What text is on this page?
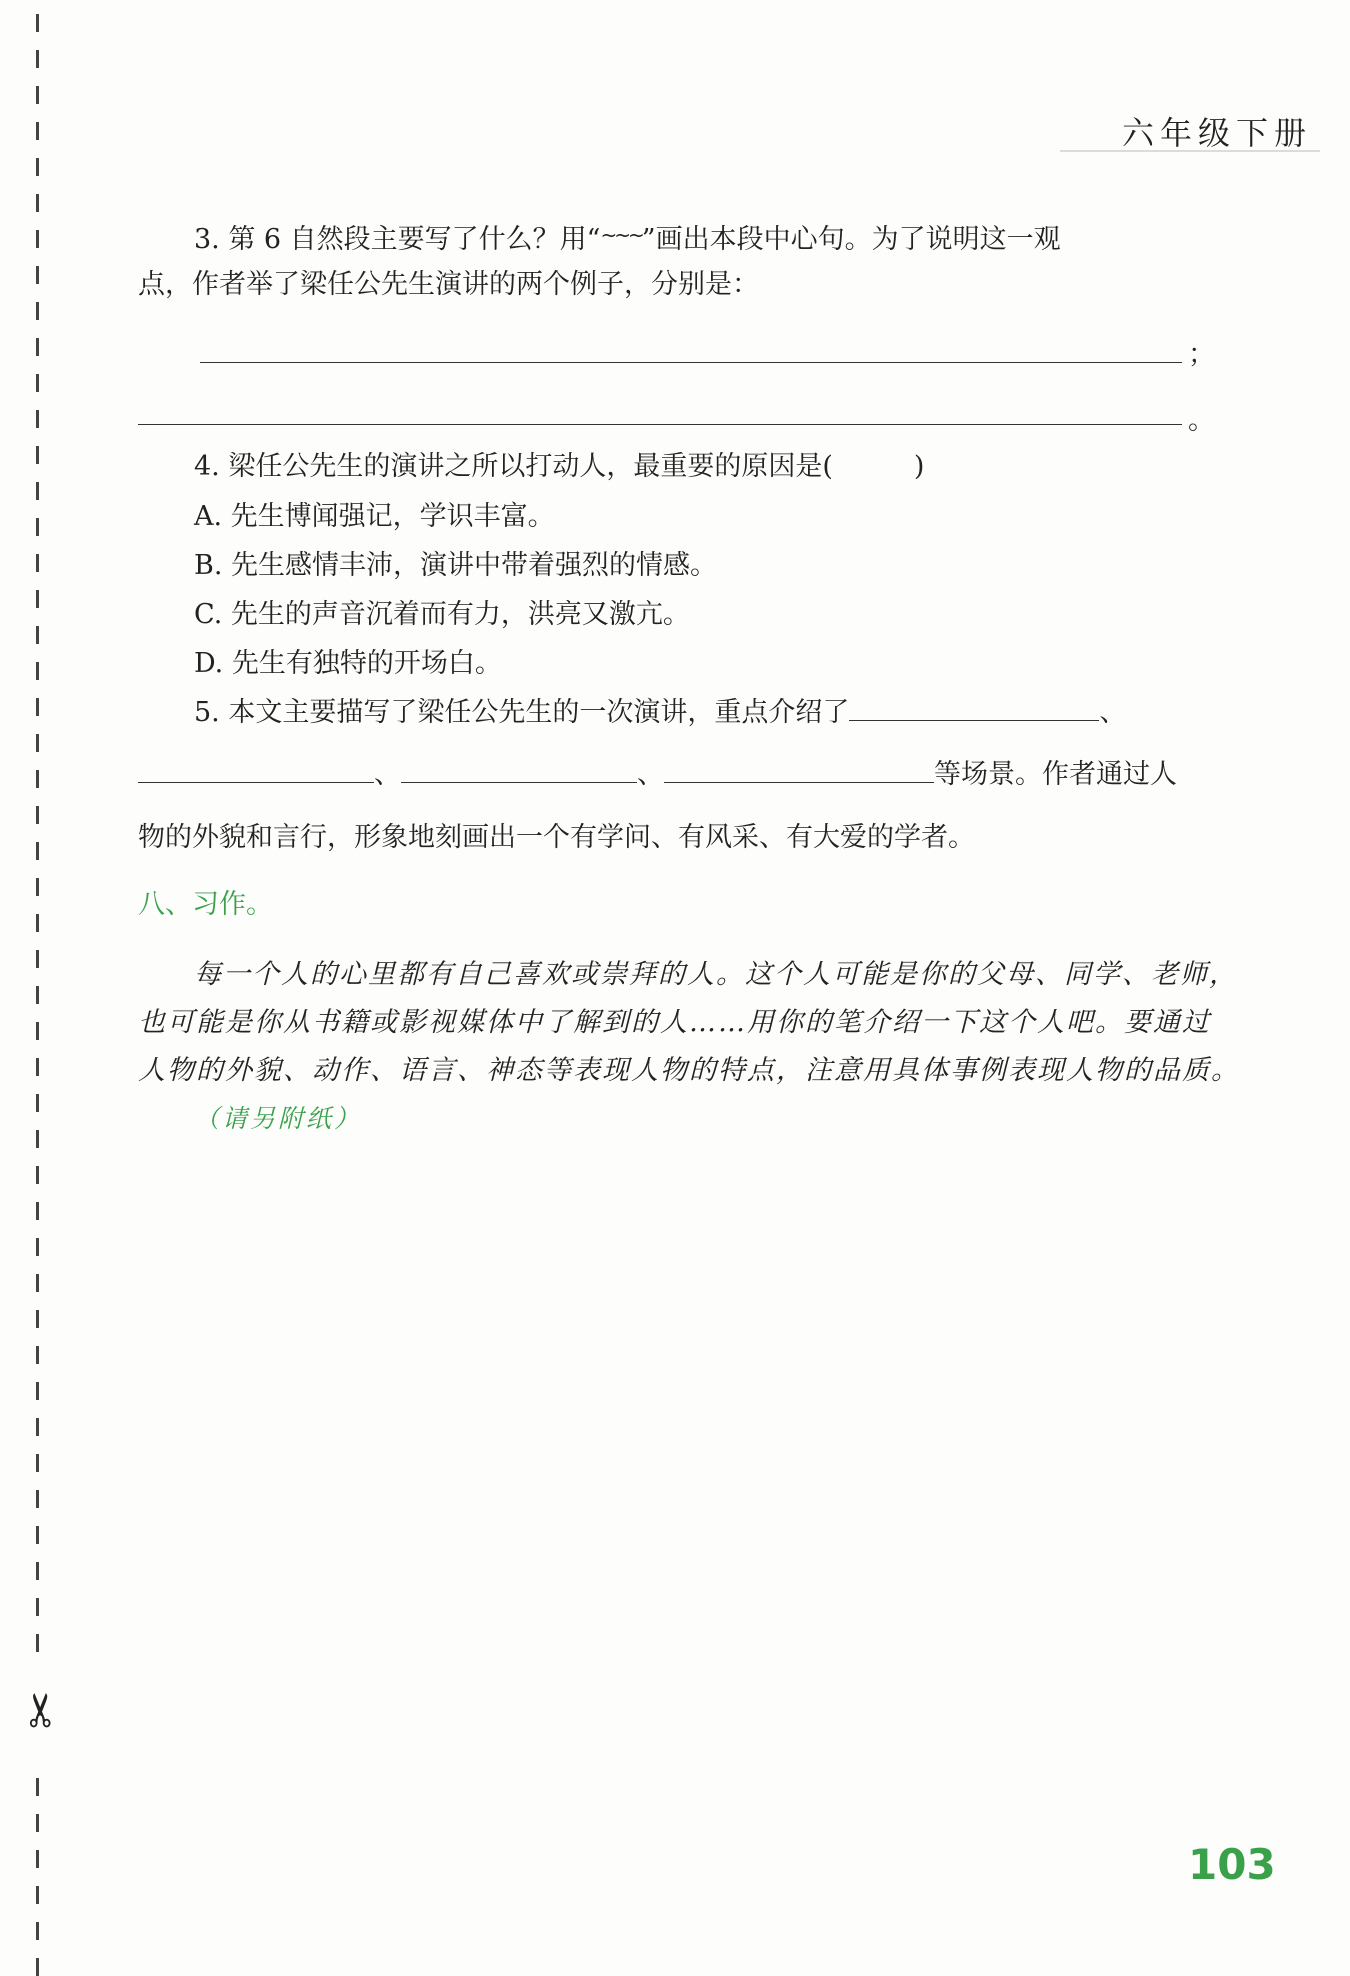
✂
六年级下册
3. 第 6 自然段主要写了什么？用“~~~”画出本段中心句。为了说明这一观
点，作者举了梁任公先生演讲的两个例子，分别是：
；
。
4. 梁任公先生的演讲之所以打动人，最重要的原因是(　　　)
A. 先生博闻强记，学识丰富。
B. 先生感情丰沛，演讲中带着强烈的情感。
C. 先生的声音沉着而有力，洪亮又激亢。
D. 先生有独特的开场白。
5. 本文主要描写了梁任公先生的一次演讲，重点介绍了	、
、	、	等场景。作者通过人
物的外貌和言行，形象地刻画出一个有学问、有风采、有大爱的学者。
八、习作。
每一个人的心里都有自己喜欢或崇拜的人。这个人可能是你的父母、同学、老师，
也可能是你从书籍或影视媒体中了解到的人……用你的笔介绍一下这个人吧。要通过
人物的外貌、动作、语言、神态等表现人物的特点，注意用具体事例表现人物的品质。
（请另附纸）
103
